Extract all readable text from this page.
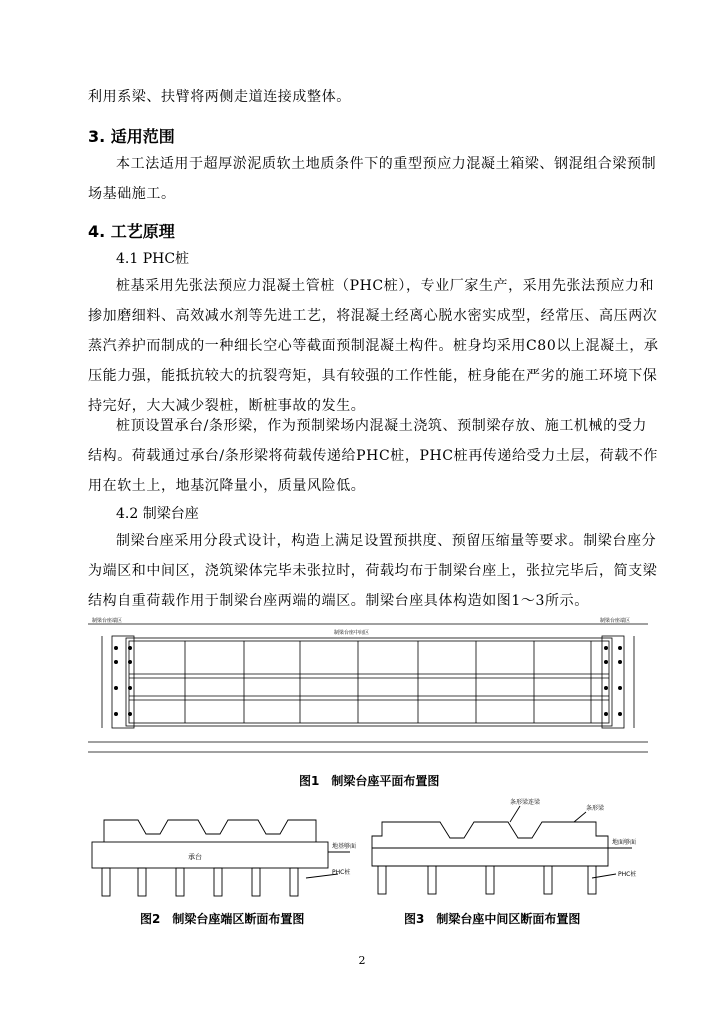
利用系梁、扶臂将两侧走道连接成整体。

3. 适用范围

本工法适用于超厚淤泥质软土地质条件下的重型预应力混凝土箱梁、钢混组合梁预制场基础施工。

4. 工艺原理

4.1 PHC桩

桩基采用先张法预应力混凝土管桩（PHC桩），专业厂家生产，采用先张法预应力和掺加磨细料、高效减水剂等先进工艺，将混凝土经离心脱水密实成型，经常压、高压两次蒸汽养护而制成的一种细长空心等截面预制混凝土构件。桩身均采用C80以上混凝土，承压能力强，能抵抗较大的抗裂弯矩，具有较强的工作性能，桩身能在严劣的施工环境下保持完好，大大减少裂桩，断桩事故的发生。

桩顶设置承台/条形梁，作为预制梁场内混凝土浇筑、预制梁存放、施工机械的受力结构。荷载通过承台/条形梁将荷载传递给PHC桩，PHC桩再传递给受力土层，荷载不作用在软土上，地基沉降量小，质量风险低。

4.2 制梁台座

制梁台座采用分段式设计，构造上满足设置预拱度、预留压缩量等要求。制梁台座分为端区和中间区，浇筑梁体完毕未张拉时，荷载均布于制梁台座上，张拉完毕后，简支梁结构自重荷载作用于制梁台座两端的端区。制梁台座具体构造如图1～3所示。

制梁台座端区
制梁台座中间区
制梁台座端区

图1　制梁台座平面布置图

地基够面
承台
PHC桩

图2　制梁台座端区断面布置图

条形梁连梁
条形梁
地面够面
PHC桩

图3　制梁台座中间区断面布置图

2
